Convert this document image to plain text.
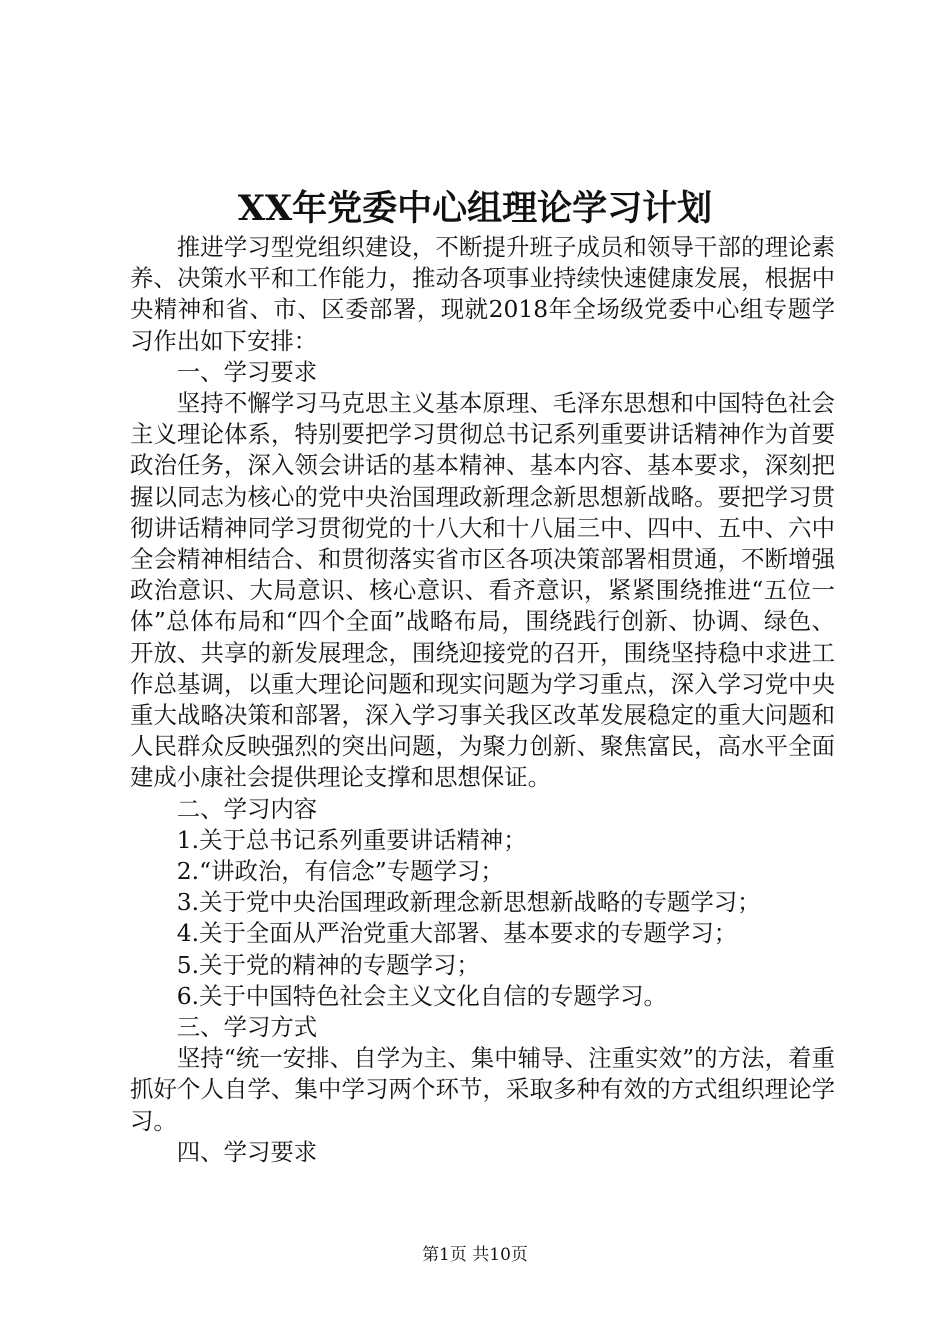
XX年党委中心组理论学习计划

推进学习型党组织建设，不断提升班子成员和领导干部的理论素养、决策水平和工作能力，推动各项事业持续快速健康发展，根据中央精神和省、市、区委部署，现就2018年全场级党委中心组专题学习作出如下安排：

一、学习要求

坚持不懈学习马克思主义基本原理、毛泽东思想和中国特色社会主义理论体系，特别要把学习贯彻总书记系列重要讲话精神作为首要政治任务，深入领会讲话的基本精神、基本内容、基本要求，深刻把握以同志为核心的党中央治国理政新理念新思想新战略。要把学习贯彻讲话精神同学习贯彻党的十八大和十八届三中、四中、五中、六中全会精神相结合、和贯彻落实省市区各项决策部署相贯通，不断增强政治意识、大局意识、核心意识、看齐意识，紧紧围绕推进“五位一体”总体布局和“四个全面”战略布局，围绕践行创新、协调、绿色、开放、共享的新发展理念，围绕迎接党的召开，围绕坚持稳中求进工作总基调，以重大理论问题和现实问题为学习重点，深入学习党中央重大战略决策和部署，深入学习事关我区改革发展稳定的重大问题和人民群众反映强烈的突出问题，为聚力创新、聚焦富民，高水平全面建成小康社会提供理论支撑和思想保证。

二、学习内容

1.关于总书记系列重要讲话精神；

2.“讲政治，有信念”专题学习；

3.关于党中央治国理政新理念新思想新战略的专题学习；

4.关于全面从严治党重大部署、基本要求的专题学习；

5.关于党的精神的专题学习；

6.关于中国特色社会主义文化自信的专题学习。

三、学习方式

坚持“统一安排、自学为主、集中辅导、注重实效”的方法，着重抓好个人自学、集中学习两个环节，采取多种有效的方式组织理论学习。

四、学习要求

第1页 共10页
